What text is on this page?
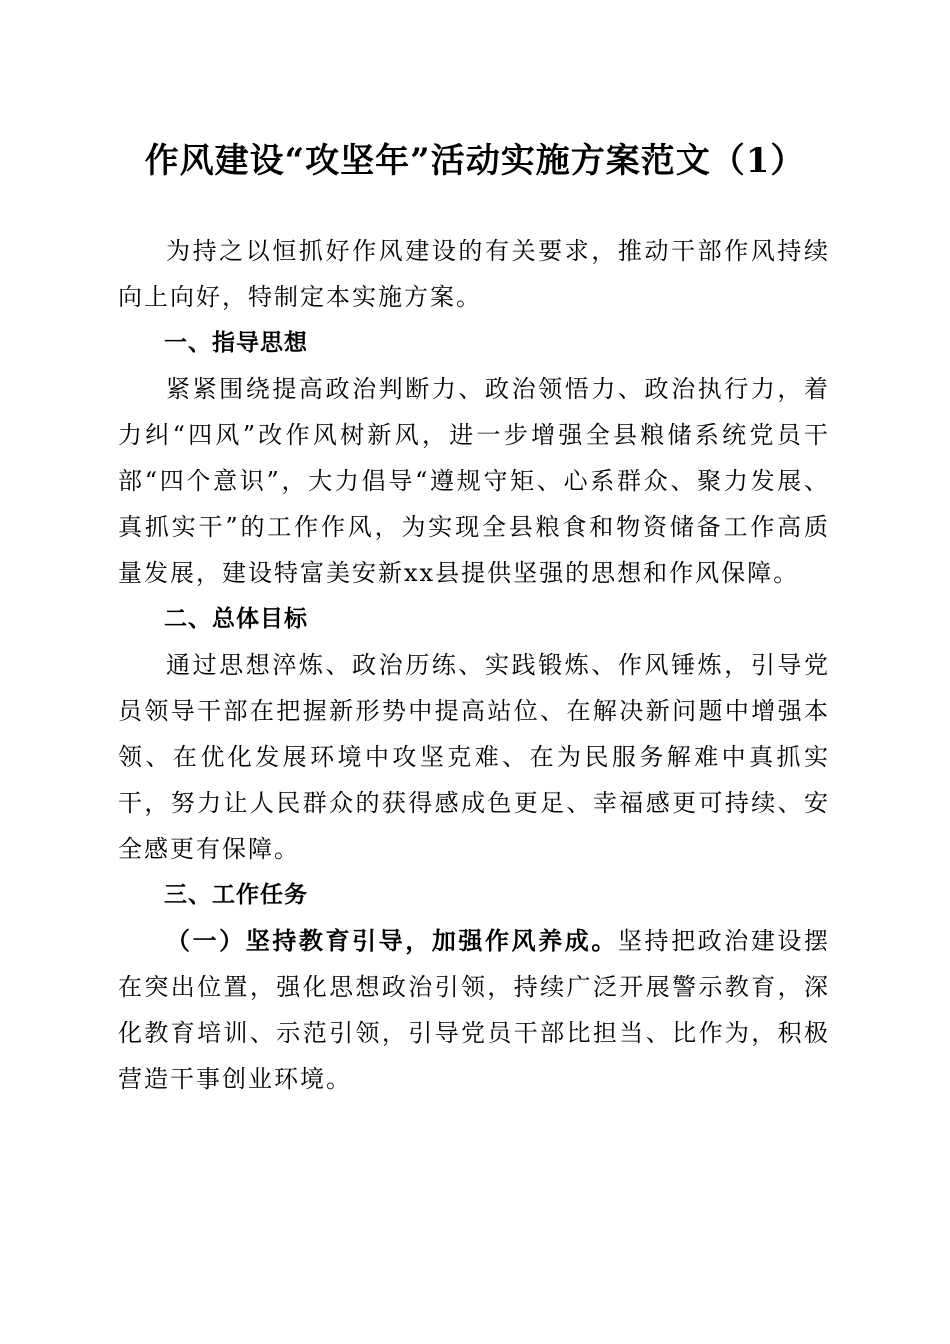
作风建设“攻坚年”活动实施方案范文（1）

为持之以恒抓好作风建设的有关要求，推动干部作风持续向上向好，特制定本实施方案。

一、指导思想

紧紧围绕提高政治判断力、政治领悟力、政治执行力，着力纠“四风”改作风树新风，进一步增强全县粮储系统党员干部“四个意识”，大力倡导“遵规守矩、心系群众、聚力发展、真抓实干”的工作作风，为实现全县粮食和物资储备工作高质量发展，建设特富美安新xx县提供坚强的思想和作风保障。

二、总体目标

通过思想淬炼、政治历练、实践锻炼、作风锤炼，引导党员领导干部在把握新形势中提高站位、在解决新问题中增强本领、在优化发展环境中攻坚克难、在为民服务解难中真抓实干，努力让人民群众的获得感成色更足、幸福感更可持续、安全感更有保障。

三、工作任务

（一）坚持教育引导，加强作风养成。坚持把政治建设摆在突出位置，强化思想政治引领，持续广泛开展警示教育，深化教育培训、示范引领，引导党员干部比担当、比作为，积极营造干事创业环境。
